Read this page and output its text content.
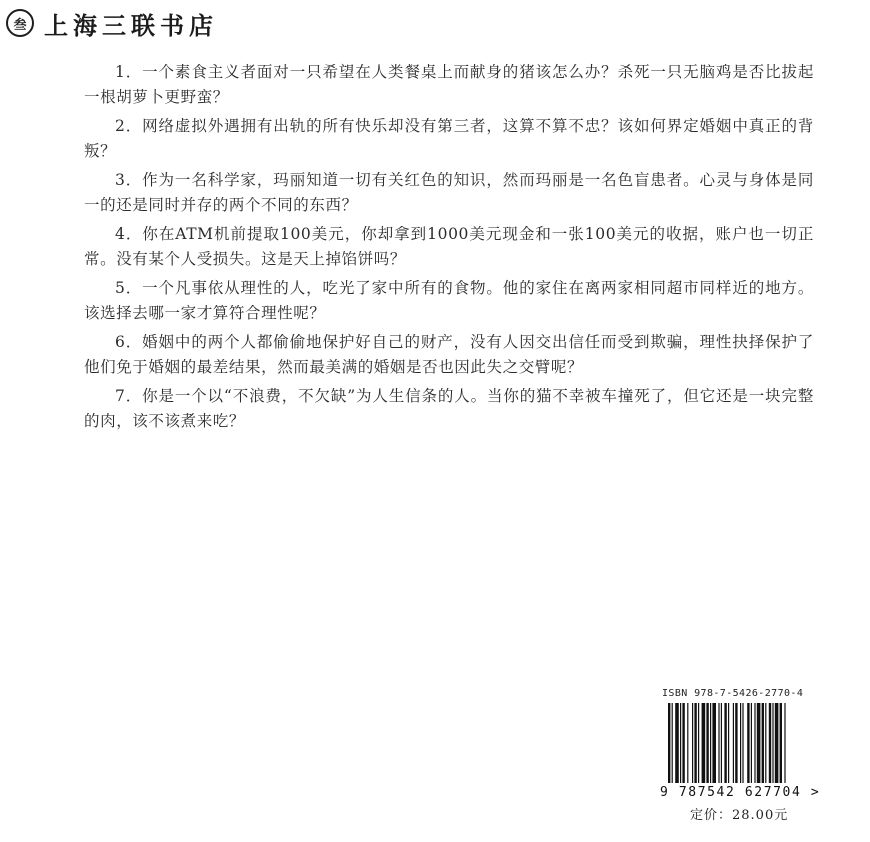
叁 上海三联书店
1．一个素食主义者面对一只希望在人类餐桌上而献身的猪该怎么办？杀死一只无脑鸡是否比拔起一根胡萝卜更野蛮？
2．网络虚拟外遇拥有出轨的所有快乐却没有第三者，这算不算不忠？该如何界定婚姻中真正的背叛？
3．作为一名科学家，玛丽知道一切有关红色的知识，然而玛丽是一名色盲患者。心灵与身体是同一的还是同时并存的两个不同的东西？
4．你在ATM机前提取100美元，你却拿到1000美元现金和一张100美元的收据，账户也一切正常。没有某个人受损失。这是天上掉馅饼吗？
5．一个凡事依从理性的人，吃光了家中所有的食物。他的家住在离两家相同超市同样近的地方。该选择去哪一家才算符合理性呢？
6．婚姻中的两个人都偷偷地保护好自己的财产，没有人因交出信任而受到欺骗，理性抉择保护了他们免于婚姻的最差结果，然而最美满的婚姻是否也因此失之交臂呢？
7．你是一个以“不浪费，不欠缺”为人生信条的人。当你的猫不幸被车撞死了，但它还是一块完整的肉，该不该煮来吃？
ISBN 978-7-5426-2770-4
9 787542 627704 >
定价：28.00元
